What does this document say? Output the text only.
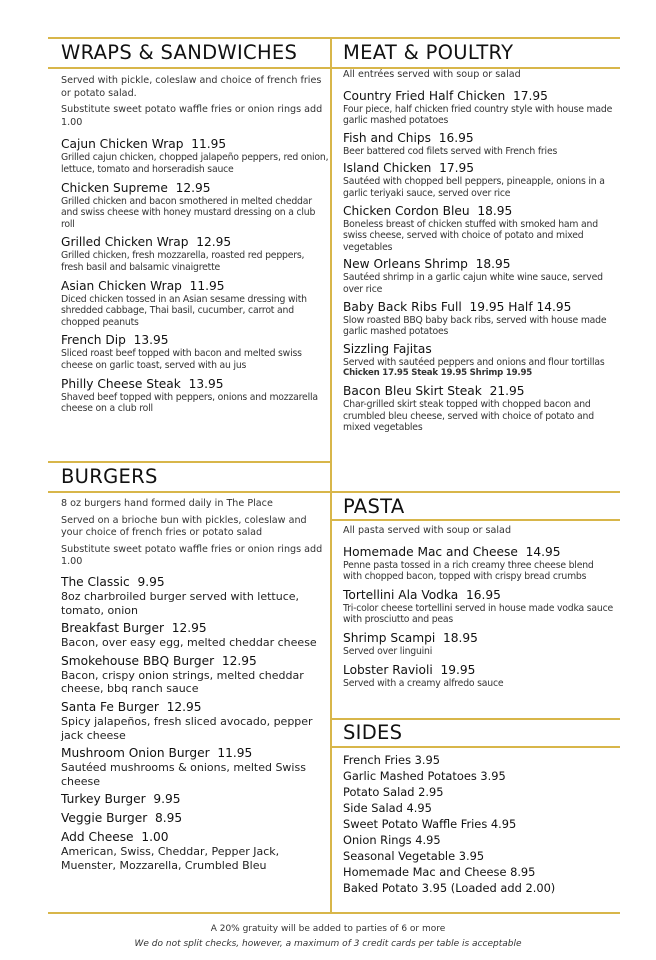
WRAPS & SANDWICHES
Served with pickle, coleslaw and choice of french fries or potato salad.
Substitute sweet potato waffle fries or onion rings add 1.00
Cajun Chicken Wrap 11.95
Grilled cajun chicken, chopped jalapeño peppers, red onion, lettuce, tomato and horseradish sauce
Chicken Supreme 12.95
Grilled chicken and bacon smothered in melted cheddar and swiss cheese with honey mustard dressing on a club roll
Grilled Chicken Wrap 12.95
Grilled chicken, fresh mozzarella, roasted red peppers, fresh basil and balsamic vinaigrette
Asian Chicken Wrap 11.95
Diced chicken tossed in an Asian sesame dressing with shredded cabbage, Thai basil, cucumber, carrot and chopped peanuts
French Dip 13.95
Sliced roast beef topped with bacon and melted swiss cheese on garlic toast, served with au jus
Philly Cheese Steak 13.95
Shaved beef topped with peppers, onions and mozzarella cheese on a club roll
BURGERS
8 oz burgers hand formed daily in The Place
Served on a brioche bun with pickles, coleslaw and your choice of french fries or potato salad
Substitute sweet potato waffle fries or onion rings add 1.00
The Classic 9.95
8oz charbroiled burger served with lettuce, tomato, onion
Breakfast Burger 12.95
Bacon, over easy egg, melted cheddar cheese
Smokehouse BBQ Burger 12.95
Bacon, crispy onion strings, melted cheddar cheese, bbq ranch sauce
Santa Fe Burger 12.95
Spicy jalapeños, fresh sliced avocado, pepper jack cheese
Mushroom Onion Burger 11.95
Sautéed mushrooms & onions, melted Swiss cheese
Turkey Burger 9.95
Veggie Burger 8.95
Add Cheese 1.00
American, Swiss, Cheddar, Pepper Jack, Muenster, Mozzarella, Crumbled Bleu
MEAT & POULTRY
All entrées served with soup or salad
Country Fried Half Chicken 17.95
Four piece, half chicken fried country style with house made garlic mashed potatoes
Fish and Chips 16.95
Beer battered cod filets served with French fries
Island Chicken 17.95
Sautéed with chopped bell peppers, pineapple, onions in a garlic teriyaki sauce, served over rice
Chicken Cordon Bleu 18.95
Boneless breast of chicken stuffed with smoked ham and swiss cheese, served with choice of potato and mixed vegetables
New Orleans Shrimp 18.95
Sautéed shrimp in a garlic cajun white wine sauce, served over rice
Baby Back Ribs Full 19.95 Half 14.95
Slow roasted BBQ baby back ribs, served with house made garlic mashed potatoes
Sizzling Fajitas
Served with sautéed peppers and onions and flour tortillas
Chicken 17.95 Steak 19.95 Shrimp 19.95
Bacon Bleu Skirt Steak 21.95
Char-grilled skirt steak topped with chopped bacon and crumbled bleu cheese, served with choice of potato and mixed vegetables
PASTA
All pasta served with soup or salad
Homemade Mac and Cheese 14.95
Penne pasta tossed in a rich creamy three cheese blend with chopped bacon, topped with crispy bread crumbs
Tortellini Ala Vodka 16.95
Tri-color cheese tortellini served in house made vodka sauce with prosciutto and peas
Shrimp Scampi 18.95
Served over linguini
Lobster Ravioli 19.95
Served with a creamy alfredo sauce
SIDES
French Fries 3.95
Garlic Mashed Potatoes 3.95
Potato Salad 2.95
Side Salad 4.95
Sweet Potato Waffle Fries 4.95
Onion Rings 4.95
Seasonal Vegetable 3.95
Homemade Mac and Cheese 8.95
Baked Potato 3.95 (Loaded add 2.00)
A 20% gratuity will be added to parties of 6 or more
We do not split checks, however, a maximum of 3 credit cards per table is acceptable
